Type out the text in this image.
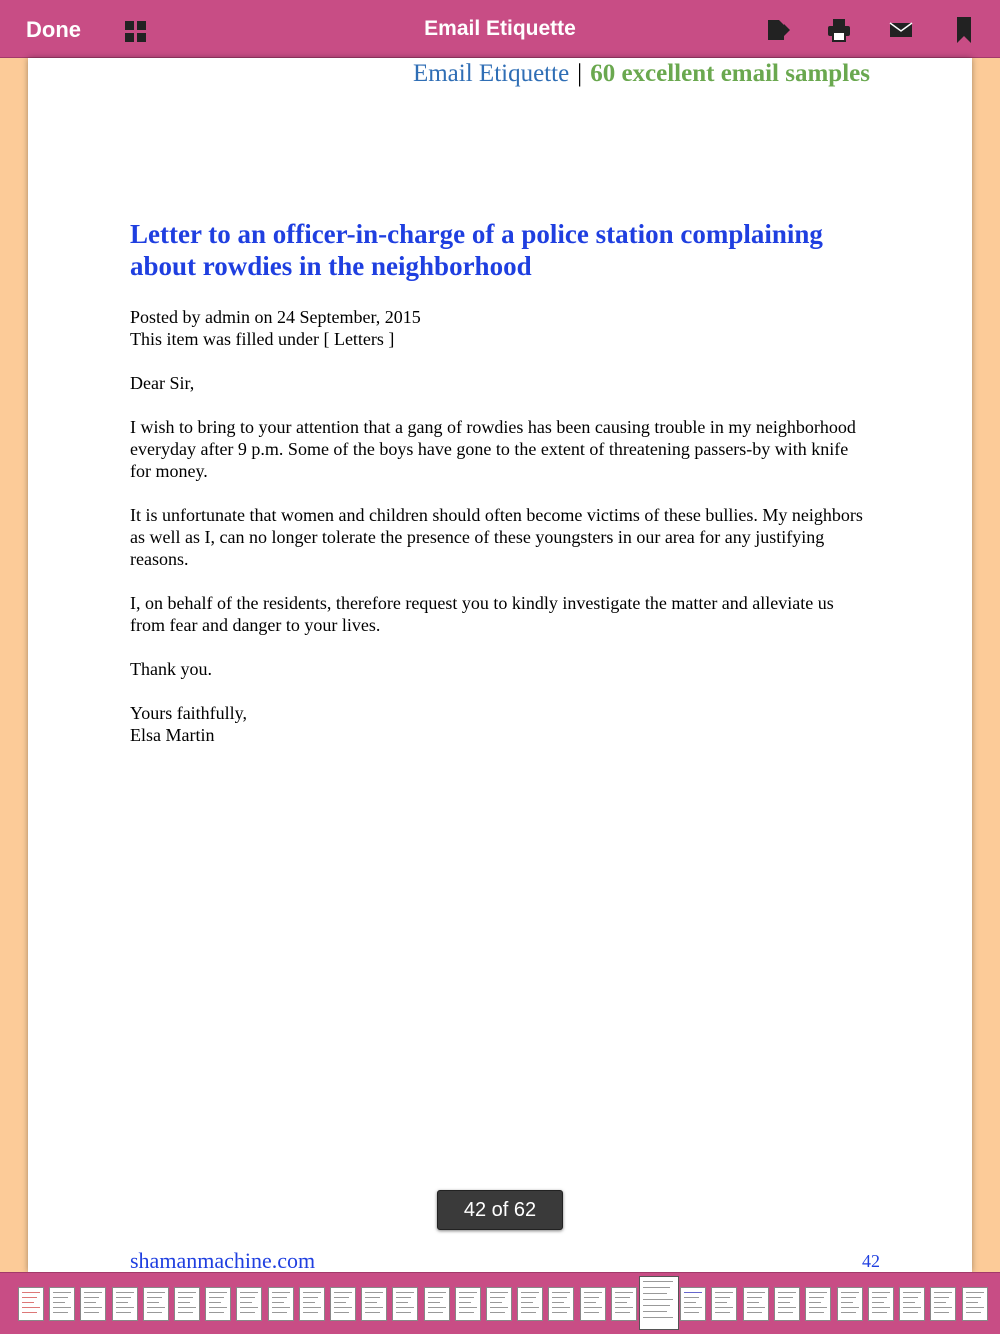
Done	Email Etiquette
Email Etiquette | 60 excellent email samples
Letter to an officer-in-charge of a police station complaining about rowdies in the neighborhood

Posted by admin on 24 September, 2015
This item was filled under [ Letters ]

Dear Sir,

I wish to bring to your attention that a gang of rowdies has been causing trouble in my neighborhood everyday after 9 p.m. Some of the boys have gone to the extent of threatening passers-by with knife for money.

It is unfortunate that women and children should often become victims of these bullies. My neighbors as well as I, can no longer tolerate the presence of these youngsters in our area for any justifying reasons.

I, on behalf of the residents, therefore request you to kindly investigate the matter and alleviate us from fear and danger to your lives.

Thank you.

Yours faithfully,
Elsa Martin

shamanmachine.com	42
42 of 62
